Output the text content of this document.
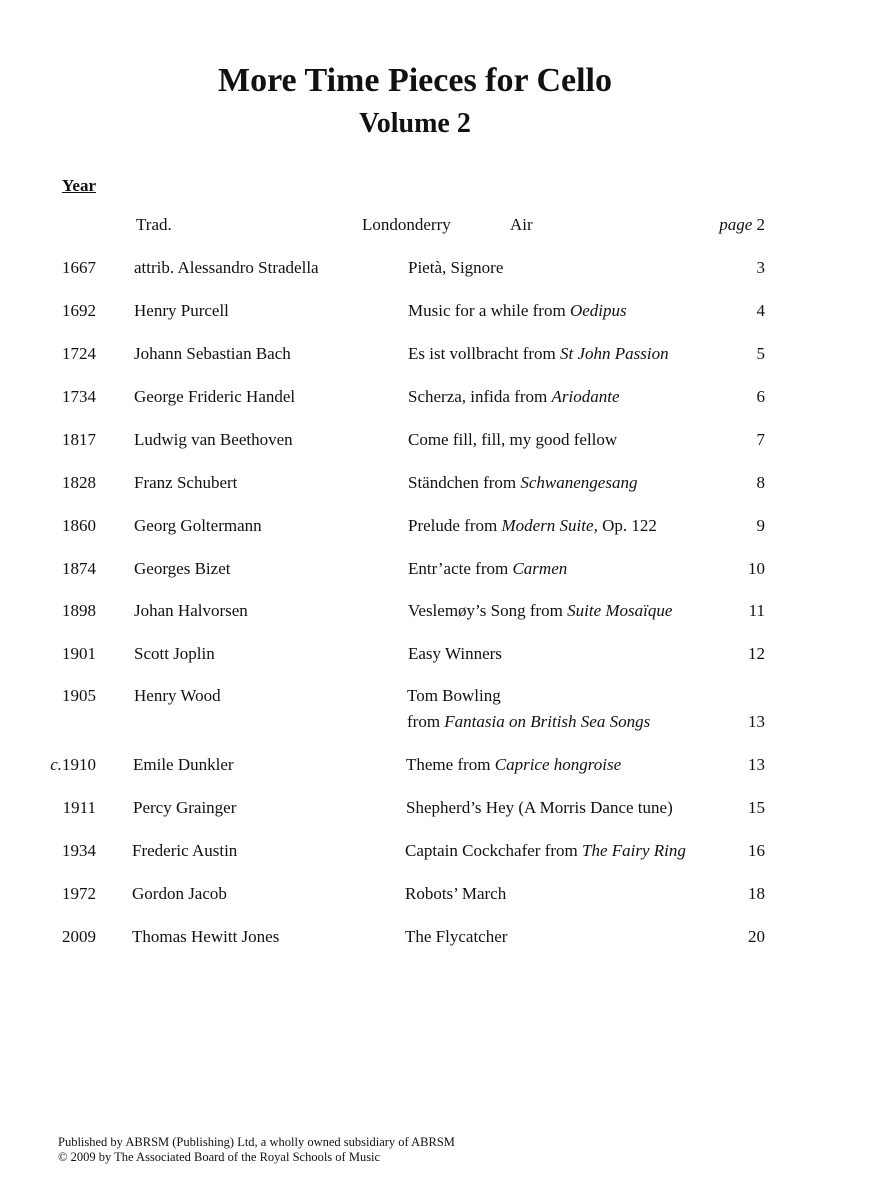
More Time Pieces for Cello
Volume 2
Year
Trad.	Londonderry	Air	page 2
1667 attrib. Alessandro Stradella	Pietà, Signore	3
1692 Henry Purcell	Music for a while from Oedipus	4
1724 Johann Sebastian Bach	Es ist vollbracht from St John Passion	5
1734 George Frideric Handel	Scherza, infida from Ariodante	6
1817 Ludwig van Beethoven	Come fill, fill, my good fellow	7
1828 Franz Schubert	Ständchen from Schwanengesang	8
1860 Georg Goltermann	Prelude from Modern Suite, Op. 122	9
1874 Georges Bizet	Entr’acte from Carmen	10
1898 Johan Halvorsen	Veslemøy’s Song from Suite Mosaïque	11
1901 Scott Joplin	Easy Winners	12
1905 Henry Wood	Tom Bowling
from Fantasia on British Sea Songs	13
c.1910 Emile Dunkler	Theme from Caprice hongroise	13
1911 Percy Grainger	Shepherd’s Hey (A Morris Dance tune)	15
1934 Frederic Austin	Captain Cockchafer from The Fairy Ring	16
1972 Gordon Jacob	Robots’ March	18
2009 Thomas Hewitt Jones	The Flycatcher	20
Published by ABRSM (Publishing) Ltd, a wholly owned subsidiary of ABRSM
© 2009 by The Associated Board of the Royal Schools of Music
